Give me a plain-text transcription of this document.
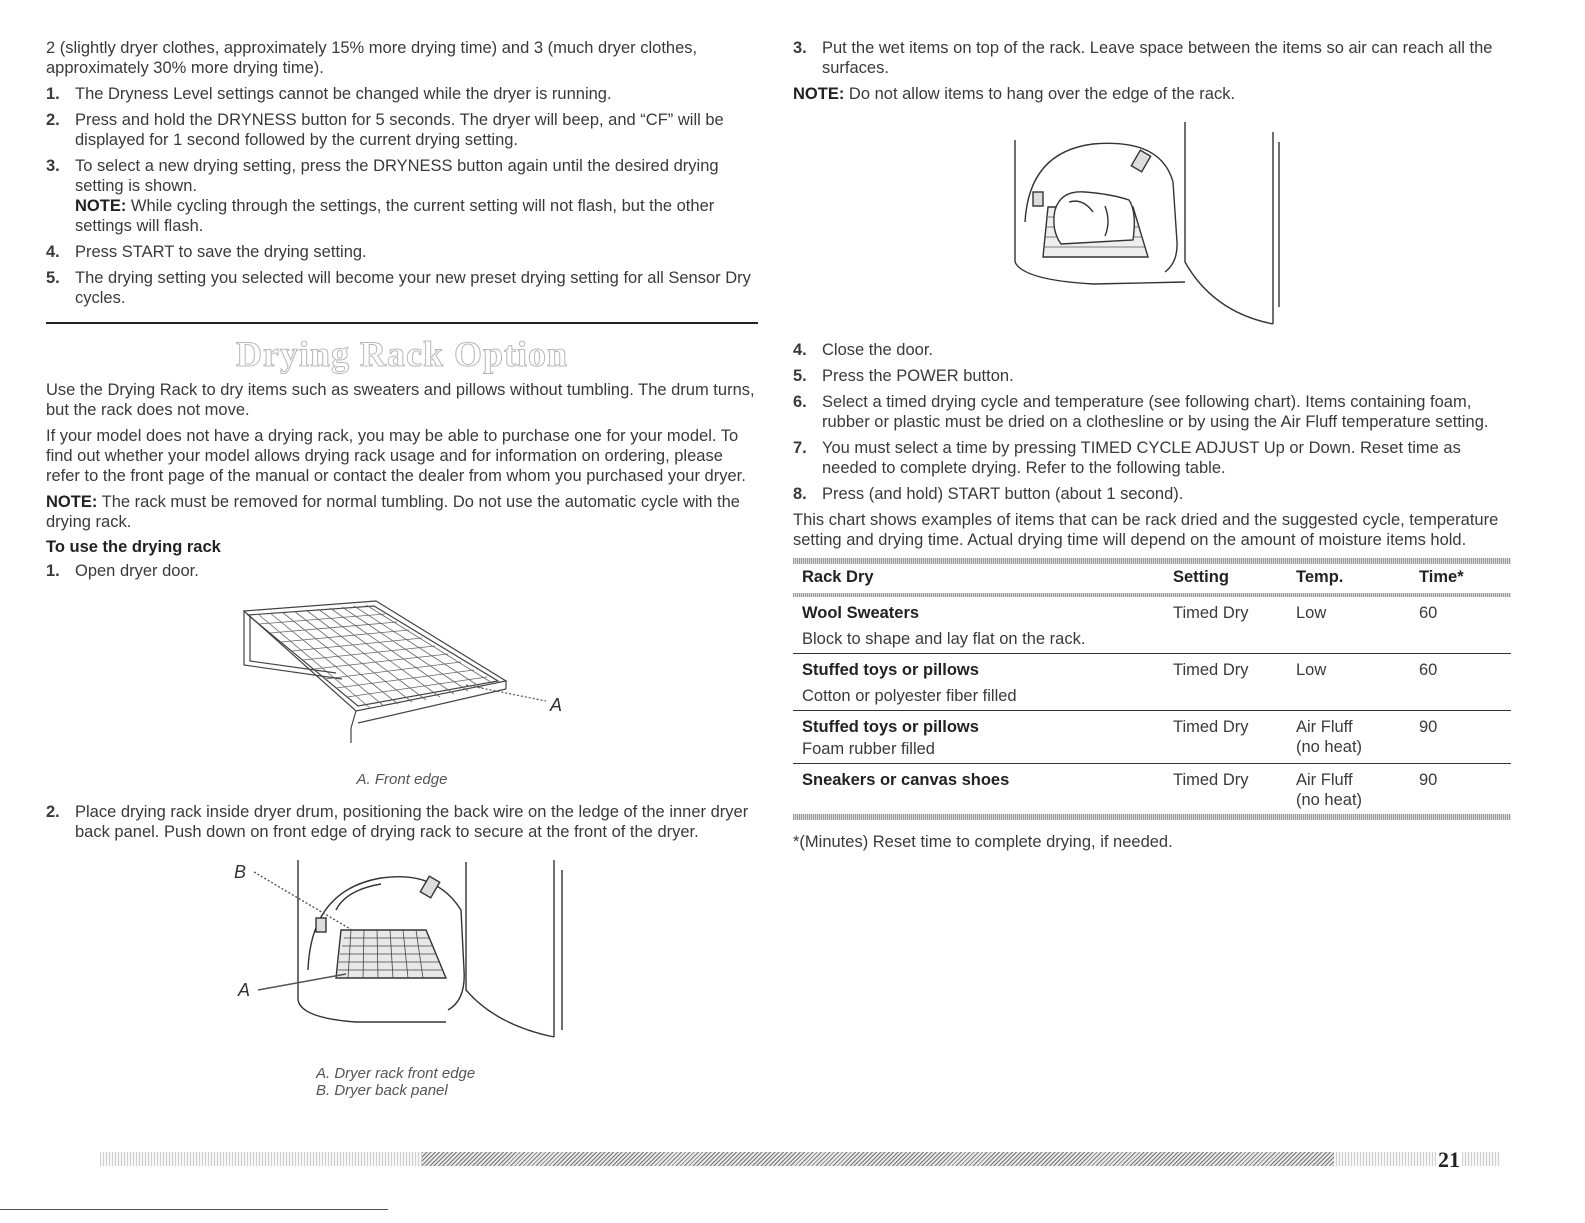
2 (slightly dryer clothes, approximately 15% more drying time) and 3 (much dryer clothes, approximately 30% more drying time).

1. The Dryness Level settings cannot be changed while the dryer is running.
2. Press and hold the DRYNESS button for 5 seconds. The dryer will beep, and “CF” will be displayed for 1 second followed by the current drying setting.
3. To select a new drying setting, press the DRYNESS button again until the desired drying setting is shown.
NOTE: While cycling through the settings, the current setting will not flash, but the other settings will flash.
4. Press START to save the drying setting.
5. The drying setting you selected will become your new preset drying setting for all Sensor Dry cycles.
Drying Rack Option

Use the Drying Rack to dry items such as sweaters and pillows without tumbling. The drum turns, but the rack does not move.

If your model does not have a drying rack, you may be able to purchase one for your model. To find out whether your model allows drying rack usage and for information on ordering, please refer to the front page of the manual or contact the dealer from whom you purchased your dryer.

NOTE: The rack must be removed for normal tumbling. Do not use the automatic cycle with the drying rack.

To use the drying rack
1. Open dryer door.
A
A. Front edge
2. Place drying rack inside dryer drum, positioning the back wire on the ledge of the inner dryer back panel. Push down on front edge of drying rack to secure at the front of the dryer.
B
A
A. Dryer rack front edge
B. Dryer back panel
3. Put the wet items on top of the rack. Leave space between the items so air can reach all the surfaces.

NOTE: Do not allow items to hang over the edge of the rack.

4. Close the door.
5. Press the POWER button.
6. Select a timed drying cycle and temperature (see following chart). Items containing foam, rubber or plastic must be dried on a clothesline or by using the Air Fluff temperature setting.
7. You must select a time by pressing TIMED CYCLE ADJUST Up or Down. Reset time as needed to complete drying. Refer to the following table.
8. Press (and hold) START button (about 1 second).

This chart shows examples of items that can be rack dried and the suggested cycle, temperature setting and drying time. Actual drying time will depend on the amount of moisture items hold.

Rack Dry	Setting	Temp.	Time*

Wool Sweaters
Block to shape and lay flat on the rack.	Timed Dry	Low	60

Stuffed toys or pillows
Cotton or polyester fiber filled	Timed Dry	Low	60

Stuffed toys or pillows
Foam rubber filled	Timed Dry	Air Fluff (no heat)	90

Sneakers or canvas shoes	Timed Dry	Air Fluff (no heat)	90

*(Minutes) Reset time to complete drying, if needed.

21
